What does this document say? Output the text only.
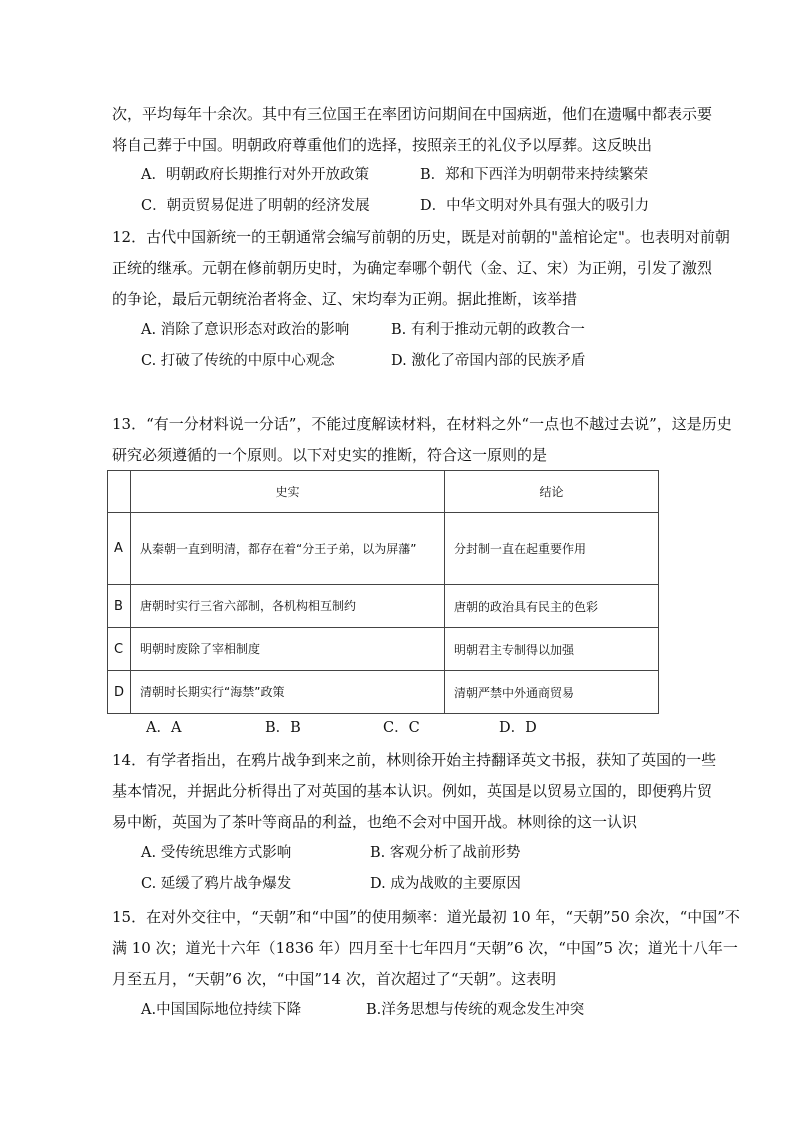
次，平均每年十余次。其中有三位国王在率团访问期间在中国病逝，他们在遗嘱中都表示要
将自己葬于中国。明朝政府尊重他们的选择，按照亲王的礼仪予以厚葬。这反映出
A．明朝政府长期推行对外开放政策	B．郑和下西洋为明朝带来持续繁荣
C．朝贡贸易促进了明朝的经济发展	D．中华文明对外具有强大的吸引力
12．古代中国新统一的王朝通常会编写前朝的历史，既是对前朝的"盖棺论定"。也表明对前朝
正统的继承。元朝在修前朝历史时，为确定奉哪个朝代（金、辽、宋）为正朔，引发了激烈
的争论，最后元朝统治者将金、辽、宋均奉为正朔。据此推断，该举措
A. 消除了意识形态对政治的影响	B. 有利于推动元朝的政教合一
C. 打破了传统的中原中心观念	D. 激化了帝国内部的民族矛盾
13．“有一分材料说一分话”，不能过度解读材料，在材料之外“一点也不越过去说”，这是历史
研究必须遵循的一个原则。以下对史实的推断，符合这一原则的是
	史实	结论
A	从秦朝一直到明清，都存在着“分王子弟，以为屏藩”	分封制一直在起重要作用
B	唐朝时实行三省六部制，各机构相互制约	唐朝的政治具有民主的色彩
C	明朝时废除了宰相制度	明朝君主专制得以加强
D	清朝时长期实行“海禁”政策	清朝严禁中外通商贸易
A．A	B．B	C．C	D．D
14．有学者指出，在鸦片战争到来之前，林则徐开始主持翻译英文书报，获知了英国的一些
基本情况，并据此分析得出了对英国的基本认识。例如，英国是以贸易立国的，即便鸦片贸
易中断，英国为了茶叶等商品的利益，也绝不会对中国开战。林则徐的这一认识
A. 受传统思维方式影响	B. 客观分析了战前形势
C. 延缓了鸦片战争爆发	D. 成为战败的主要原因
15．在对外交往中，“天朝”和“中国”的使用频率：道光最初 10 年，“天朝”50 余次，“中国”不
满 10 次；道光十六年（1836 年）四月至十七年四月“天朝”6 次，“中国”5 次；道光十八年一
月至五月，“天朝”6 次，“中国”14 次，首次超过了“天朝”。这表明
A.中国国际地位持续下降	B.洋务思想与传统的观念发生冲突
